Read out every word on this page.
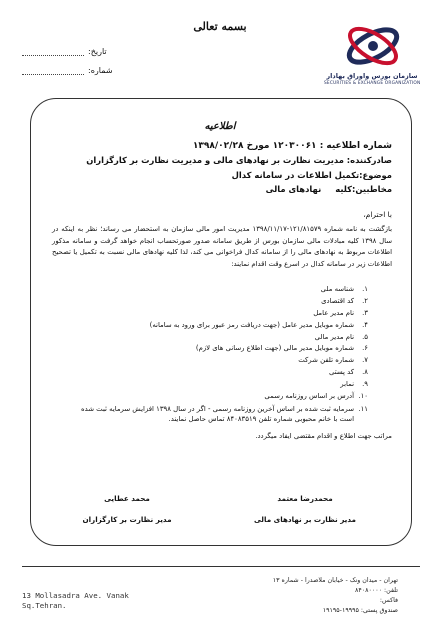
بسمه تعالی
تاریخ:
شماره:
سازمان بورس واوراق بهادار
SECURITIES & EXCHANGE ORGANIZATION
اطلاعیه
شماره اطلاعیه : ۱۲۰۳۰۰۶۱ مورخ ۱۳۹۸/۰۲/۲۸
صادرکننده: مدیریت نظارت بر نهادهای مالی و مدیریت نظارت بر کارگزاران
موضوع:تکمیل اطلاعات در سامانه کدال
مخاطبین:کلیهنهادهای مالی
با احترام،
بازگشت به نامه شماره ۱۲۱/۸۱۵۷۹-۱۳۹۸/۱۱/۱۷ مدیریت امور مالی سازمان به استحضار می رساند؛ نظر به اینکه در سال ۱۳۹۸ کلیه مبادلات مالی سازمان بورس از طریق سامانه صدور صورتحساب انجام خواهد گرفت و سامانه مذکور اطلاعات مربوط به نهادهای مالی را از سامانه کدال فراخوانی می کند، لذا کلیه نهادهای مالی نسبت به تکمیل یا تصحیح اطلاعات زیر در سامانه کدال در اسرع وقت اقدام نمایند:
۱.
شناسه ملی
۲.
کد اقتصادی
۳.
نام مدیر عامل
۴.
شماره موبایل مدیر عامل (جهت دریافت رمز عبور برای ورود به سامانه)
۵.
نام مدیر مالی
۶.
شماره موبایل مدیر مالی (جهت اطلاع رسانی های لازم)
۷.
شماره تلفن شرکت
۸.
کد پستی
۹.
نمابر
۱۰.
آدرس بر اساس روزنامه رسمی
۱۱.
سرمایه ثبت شده بر اساس آخرین روزنامه رسمی - اگر در سال ۱۳۹۸ افزایش سرمایه ثبت شده است با خانم محبوبی شماره تلفن ۸۴۰۸۳۵۱۹ تماس حاصل نمایند.
مراتب جهت اطلاع و اقدام مقتضی ایفاد میگردد.
محمدرضا معتمد
مدیر نظارت بر نهادهای مالی
محمد عطایی
مدیر نظارت بر کارگزاران
13 Mollasadra Ave. Vanak
Sq.Tehran.
تهران - میدان ونک - خیابان ملاصدرا - شماره ۱۳
تلفن: ۸۴۰۸۰۰۰۰
فاکس:
صندوق پستی: ۱۹۹۹۵-۱۹۱۹۵
